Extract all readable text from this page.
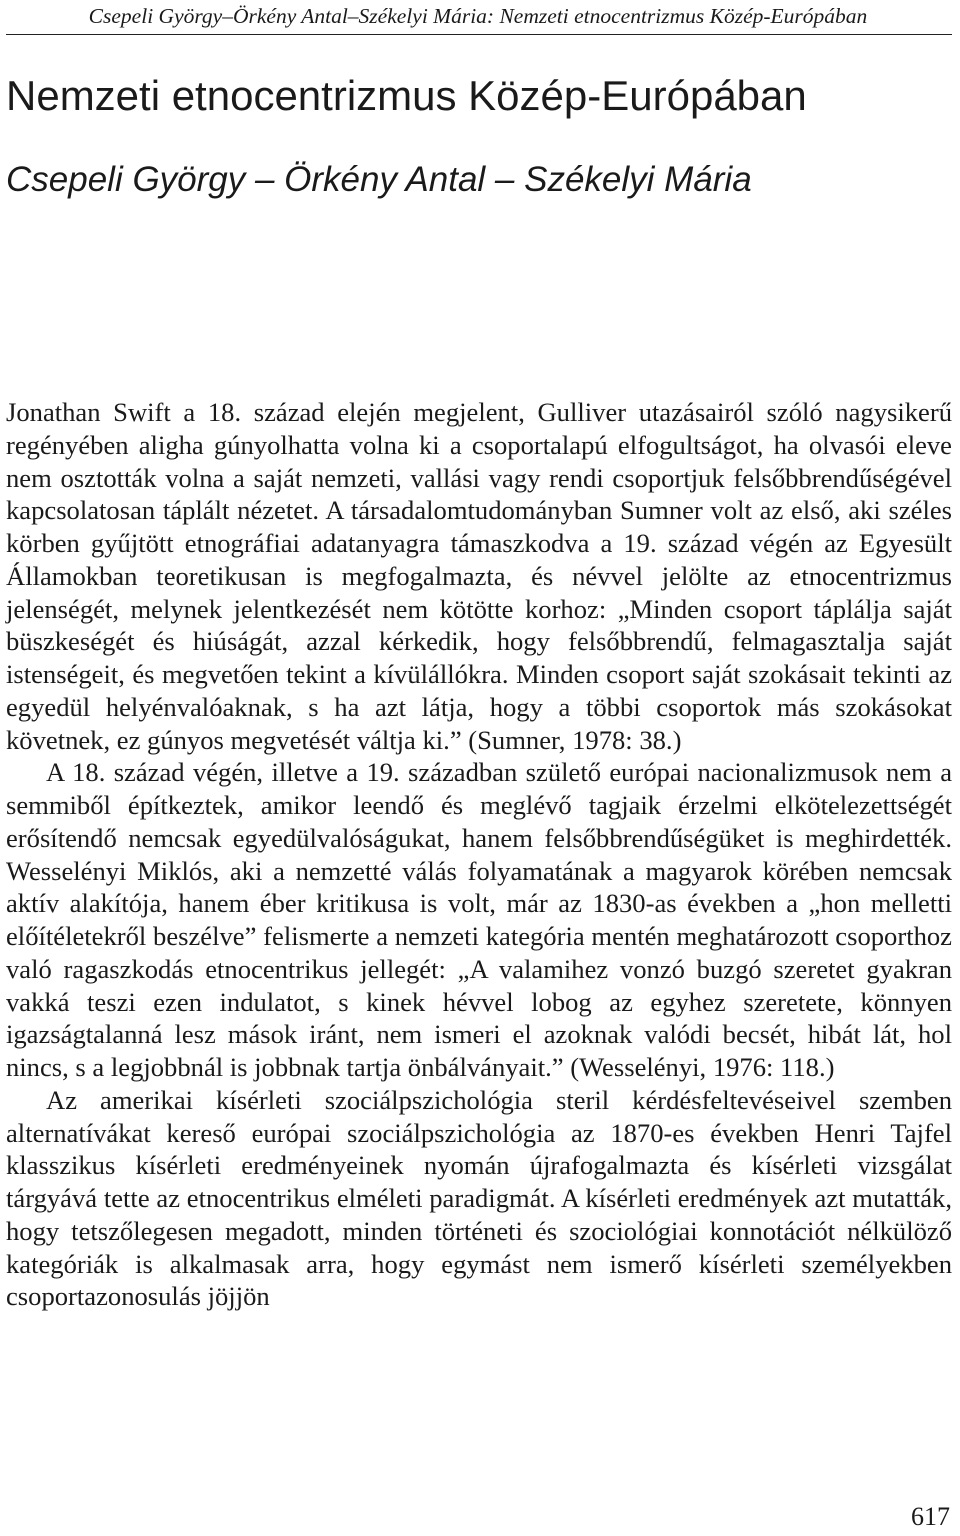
Csepeli György–Örkény Antal–Székelyi Mária: Nemzeti etnocentrizmus Közép-Európában
Nemzeti etnocentrizmus Közép-Európában
Csepeli György – Örkény Antal – Székelyi Mária

Jonathan Swift a 18. század elején megjelent, Gulliver utazásairól szóló nagysikerű regényében aligha gúnyolhatta volna ki a csoportalapú elfogultságot, ha olvasói eleve nem osztották volna a saját nemzeti, vallási vagy rendi csoportjuk felsőbbrendűségével kapcsolatosan táplált nézetet. A társadalomtudományban Sumner volt az első, aki széles körben gyűjtött etnográfiai adatanyagra támaszkodva a 19. század végén az Egyesült Államokban teoretikusan is megfogalmazta, és névvel jelölte az etnocentrizmus jelenségét, melynek jelentkezését nem kötötte korhoz: „Minden csoport táplálja saját büszkeségét és hiúságát, azzal kérkedik, hogy felsőbbrendű, felmagasztalja saját istenségeit, és megvetően tekint a kívülállókra. Minden csoport saját szokásait tekinti az egyedül helyénvalóaknak, s ha azt látja, hogy a többi csoportok más szokásokat követnek, ez gúnyos megvetését váltja ki.” (Sumner, 1978: 38.)

A 18. század végén, illetve a 19. században születő európai nacionalizmusok nem a semmiből építkeztek, amikor leendő és meglévő tagjaik érzelmi elkötelezettségét erősítendő nemcsak egyedülvalóságukat, hanem felsőbbrendűségüket is meghirdették. Wesselényi Miklós, aki a nemzetté válás folyamatának a magyarok körében nemcsak aktív alakítója, hanem éber kritikusa is volt, már az 1830-as években a „hon melletti előítéletekről beszélve” felismerte a nemzeti kategória mentén meghatározott csoporthoz való ragaszkodás etnocentrikus jellegét: „A valamihez vonzó buzgó szeretet gyakran vakká teszi ezen indulatot, s kinek hévvel lobog az egyhez szeretete, könnyen igazságtalanná lesz mások iránt, nem ismeri el azoknak valódi becsét, hibát lát, hol nincs, s a legjobbnál is jobbnak tartja önbálványait.” (Wesselényi, 1976: 118.)

Az amerikai kísérleti szociálpszichológia steril kérdésfeltevéseivel szemben alternatívákat kereső európai szociálpszichológia az 1870-es években Henri Tajfel klasszikus kísérleti eredményeinek nyomán újrafogalmazta és kísérleti vizsgálat tárgyává tette az etnocentrikus elméleti paradigmát. A kísérleti eredmények azt mutatták, hogy tetszőlegesen megadott, minden történeti és szociológiai konnotációt nélkülöző kategóriák is alkalmasak arra, hogy egymást nem ismerő kísérleti személyekben csoportazonosulás jöjjön

617
